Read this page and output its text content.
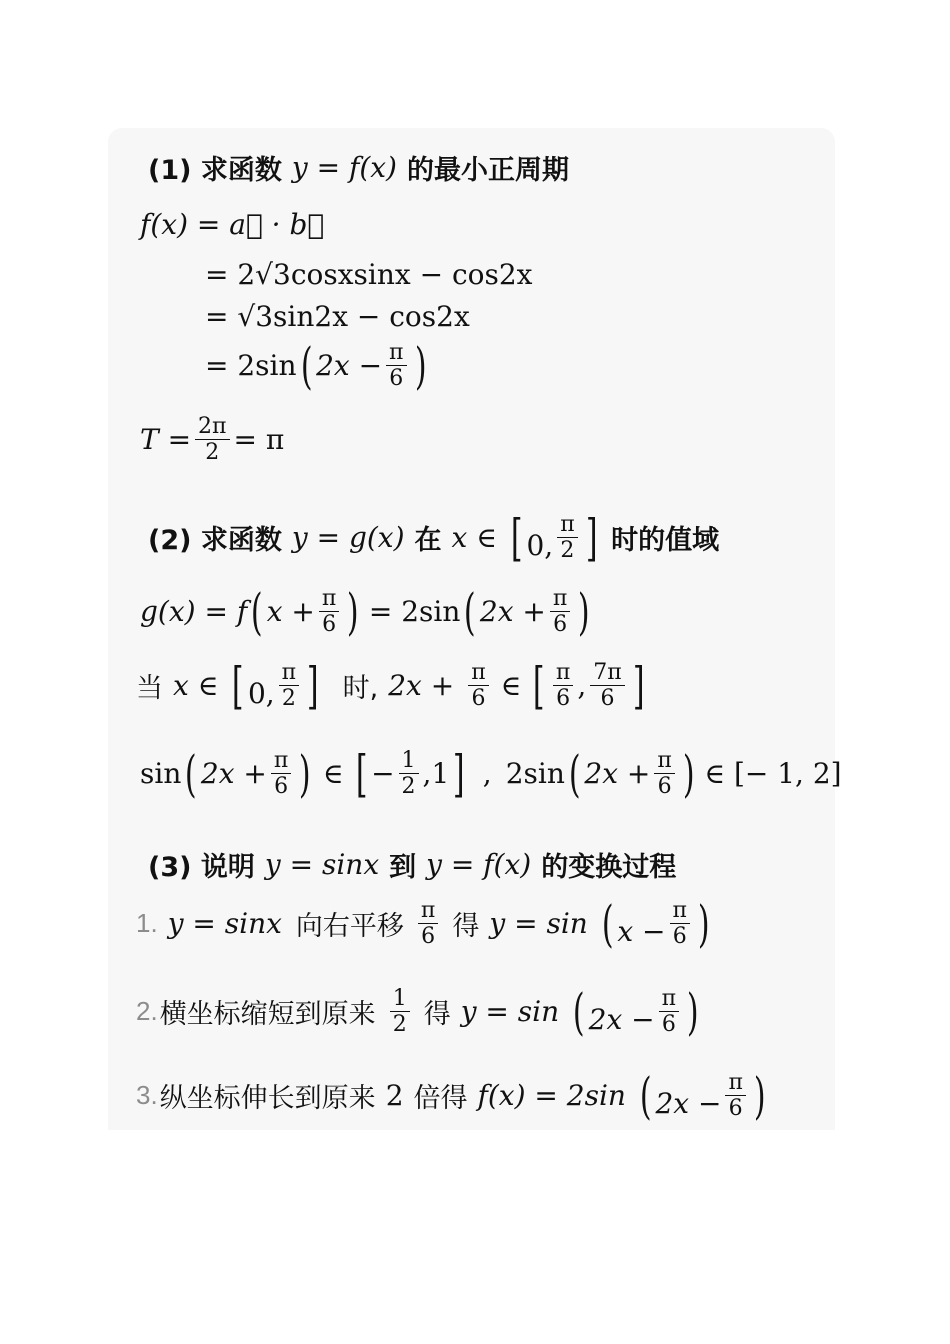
(1) 求函数 y = f(x) 的最小正周期
f(x) = a⃗ · b⃗
= 2√3cosxsinx − cos2x
= √3sin2x − cos2x
= 2sin ( $2x - \frac{\pi}{6}$ )
$T = \frac{2\pi}{2} = \pi$
(2) 求函数 y = g(x) 在 x ∈ [ 0, $\frac{\pi}{2}$ ] 时的值域
g(x) = f ( $x + \frac{\pi}{6}$ ) = 2sin ( $2x + \frac{\pi}{6}$ )
当 x ∈ [ 0, $\frac{\pi}{2}$ ] 时, $2x + \frac{\pi}{6}$ ∈ [ $\frac{\pi}{6}$ , $\frac{7\pi}{6}$ ]
sin ( $2x + \frac{\pi}{6}$ ) ∈ [ − $\frac{1}{2} ,1$ ] , 2sin ( $2x + \frac{\pi}{6}$ ) ∈ [− 1, 2]
(3) 说明 y = sinx 到 y = f(x) 的变换过程
1. y = sinx 向右平移 $\frac{\pi}{6}$ 得 y = sin ( $x - \frac{\pi}{6}$ )
2. 横坐标缩短到原来 $\frac{1}{2}$ 得 y = sin ( $2x - \frac{\pi}{6}$ )
3. 纵坐标伸长到原来 2 倍得 f(x) = 2sin ( $2x - \frac{\pi}{6}$ )
